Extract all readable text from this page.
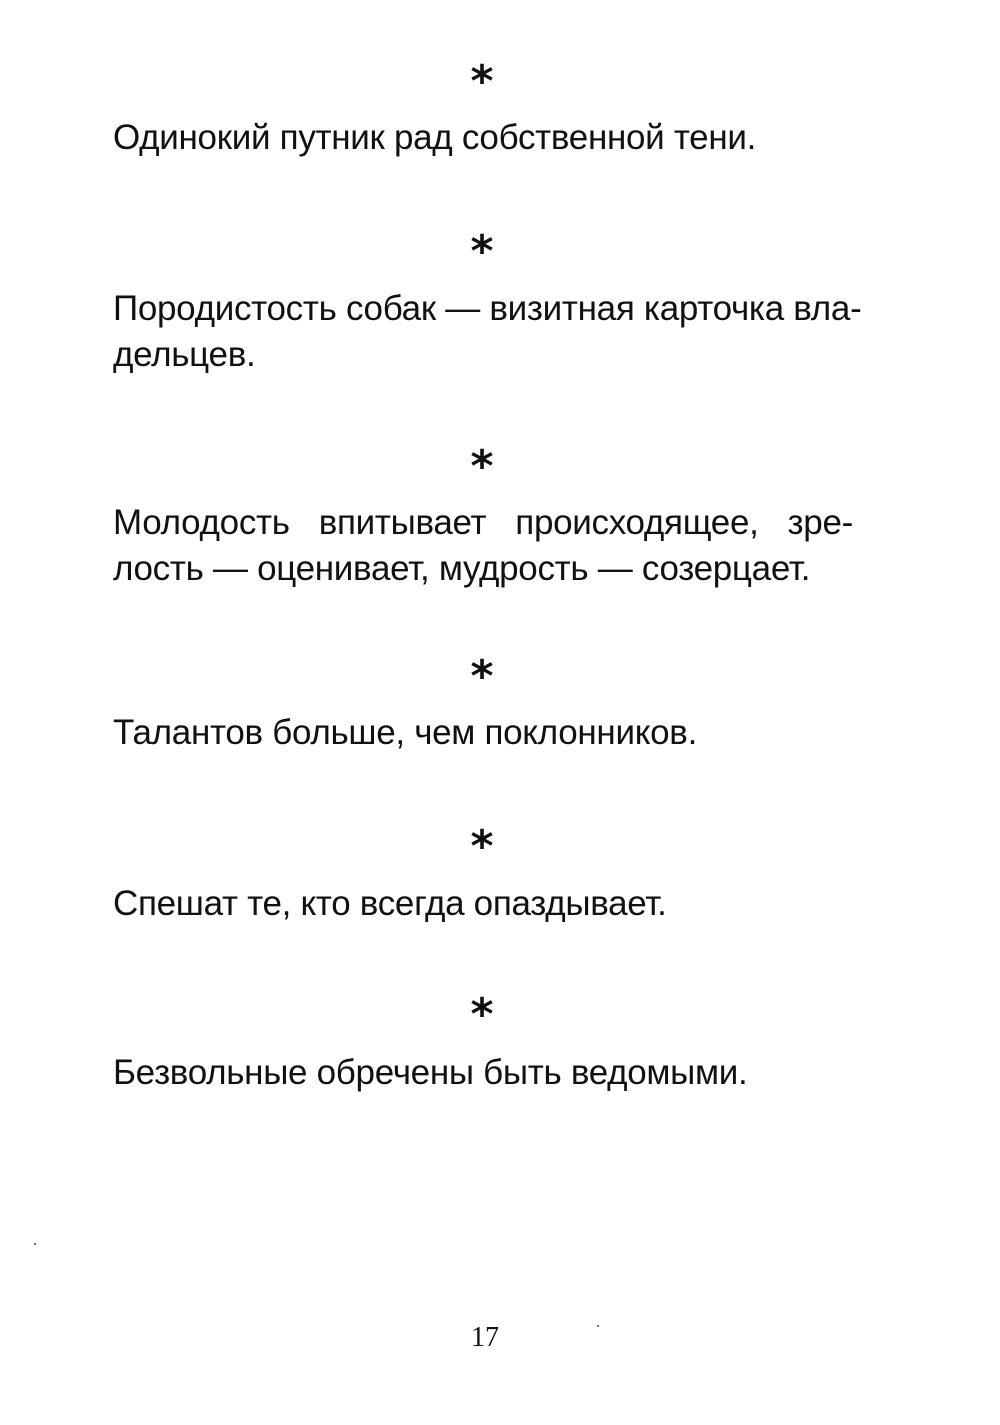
*
Одинокий путник рад собственной тени.
*
Породистость собак — визитная карточка вла-
дельцев.
*
Молодость впитывает происходящее, зре-
лость — оценивает, мудрость — созерцает.
*
Талантов больше, чем поклонников.
*
Спешат те, кто всегда опаздывает.
*
Безвольные обречены быть ведомыми.
17
